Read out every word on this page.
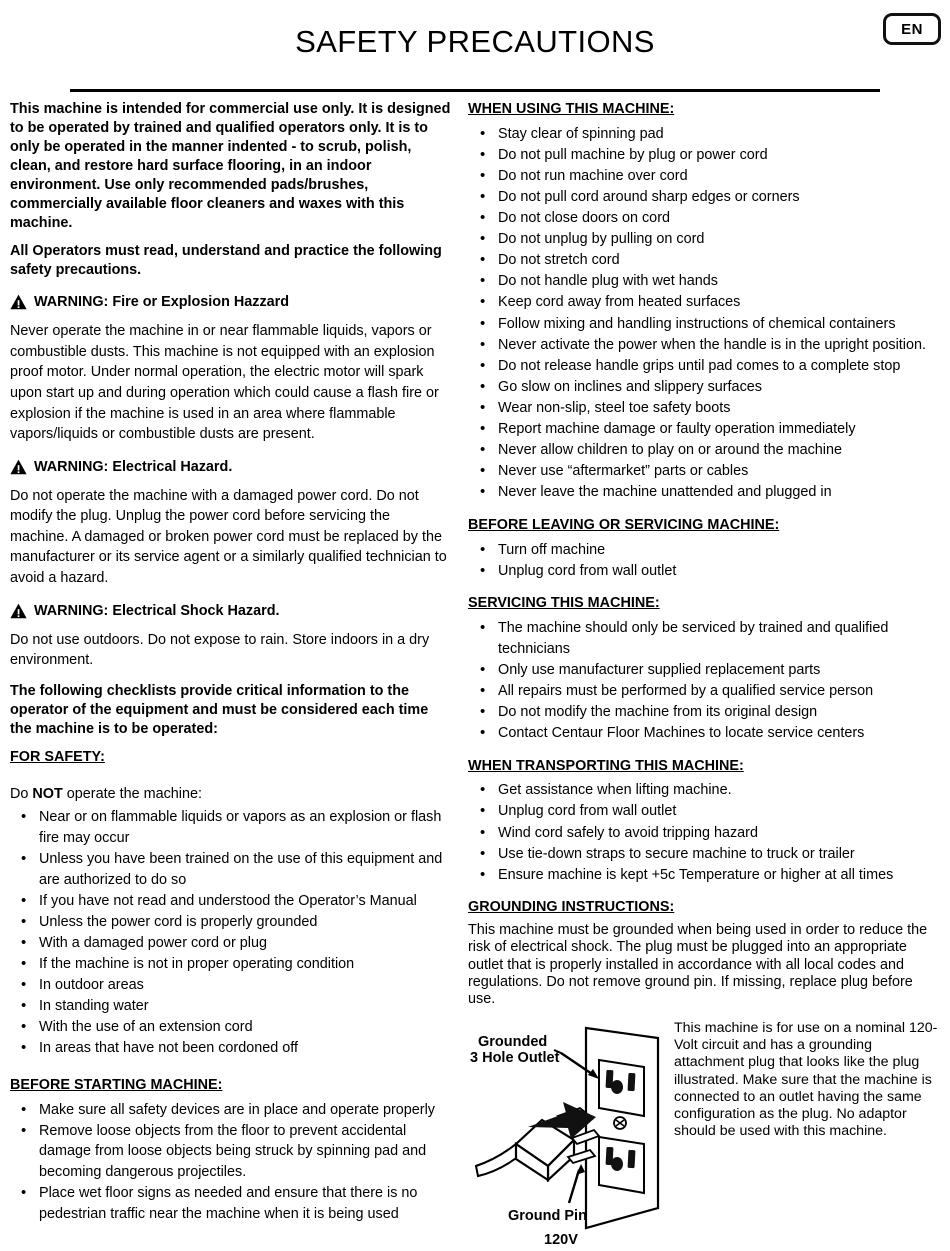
EN
SAFETY PRECAUTIONS

This machine is intended for commercial use only. It is designed to be operated by trained and qualified operators only. It is to only be operated in the manner indented - to scrub, polish, clean, and restore hard surface flooring, in an indoor environment. Use only recommended pads/brushes, commercially available floor cleaners and waxes with this machine.

All Operators must read, understand and practice the following safety precautions.

WARNING: Fire or Explosion Hazzard

Never operate the machine in or near flammable liquids, vapors or combustible dusts. This machine is not equipped with an explosion proof motor. Under normal operation, the electric motor will spark upon start up and during operation which could cause a flash fire or explosion if the machine is used in an area where flammable vapors/liquids or combustible dusts are present.

WARNING: Electrical Hazard.

Do not operate the machine with a damaged power cord. Do not modify the plug. Unplug the power cord before servicing the machine. A damaged or broken power cord must be replaced by the manufacturer or its service agent or a similarly qualified technician to avoid a hazard.

WARNING: Electrical Shock Hazard.

Do not use outdoors. Do not expose to rain. Store indoors in a dry environment.

The following checklists provide critical information to the operator of the equipment and must be considered each time the machine is to be operated:

FOR SAFETY:

Do NOT operate the machine:

• Near or on flammable liquids or vapors as an explosion or flash fire may occur
• Unless you have been trained on the use of this equipment and are authorized to do so
• If you have not read and understood the Operator’s Manual
• Unless the power cord is properly grounded
• With a damaged power cord or plug
• If the machine is not in proper operating condition
• In outdoor areas
• In standing water
• With the use of an extension cord
• In areas that have not been cordoned off
BEFORE STARTING MACHINE:
• Make sure all safety devices are in place and operate properly
• Remove loose objects from the floor to prevent accidental damage from loose objects being struck by spinning pad and becoming dangerous projectiles.
• Place wet floor signs as needed and ensure that there is no pedestrian traffic near the machine when it is being used
WHEN USING THIS MACHINE:
• Stay clear of spinning pad
• Do not pull machine by plug or power cord
• Do not run machine over cord
• Do not pull cord around sharp edges or corners
• Do not close doors on cord
• Do not unplug by pulling on cord
• Do not stretch cord
• Do not handle plug with wet hands
• Keep cord away from heated surfaces
• Follow mixing and handling instructions of chemical containers
• Never activate the power when the handle is in the upright position.
• Do not release handle grips until pad comes to a complete stop
• Go slow on inclines and slippery surfaces
• Wear non-slip, steel toe safety boots
• Report machine damage or faulty operation immediately
• Never allow children to play on or around the machine
• Never use “aftermarket” parts or cables
• Never leave the machine unattended and plugged in
BEFORE LEAVING OR SERVICING MACHINE:
• Turn off machine
• Unplug cord from wall outlet
SERVICING THIS MACHINE:
• The machine should only be serviced by trained and qualified technicians
• Only use manufacturer supplied replacement parts
• All repairs must be performed by a qualified service person
• Do not modify the machine from its original design
• Contact Centaur Floor Machines to locate service centers
WHEN TRANSPORTING THIS MACHINE:
• Get assistance when lifting machine.
• Unplug cord from wall outlet
• Wind cord safely to avoid tripping hazard
• Use tie-down straps to secure machine to truck or trailer
• Ensure machine is kept +5c Temperature or higher at all times
GROUNDING INSTRUCTIONS:

This machine must be grounded when being used in order to reduce the risk of electrical shock. The plug must be plugged into an appropriate outlet that is properly installed in accordance with all local codes and regulations. Do not remove ground pin. If missing, replace plug before use.

Grounded
3 Hole Outlet
Ground Pin
120V

This machine is for use on a nominal 120-Volt circuit and has a grounding attachment plug that looks like the plug illustrated. Make sure that the machine is connected to an outlet having the same configuration as the plug. No adaptor should be used with this machine.
